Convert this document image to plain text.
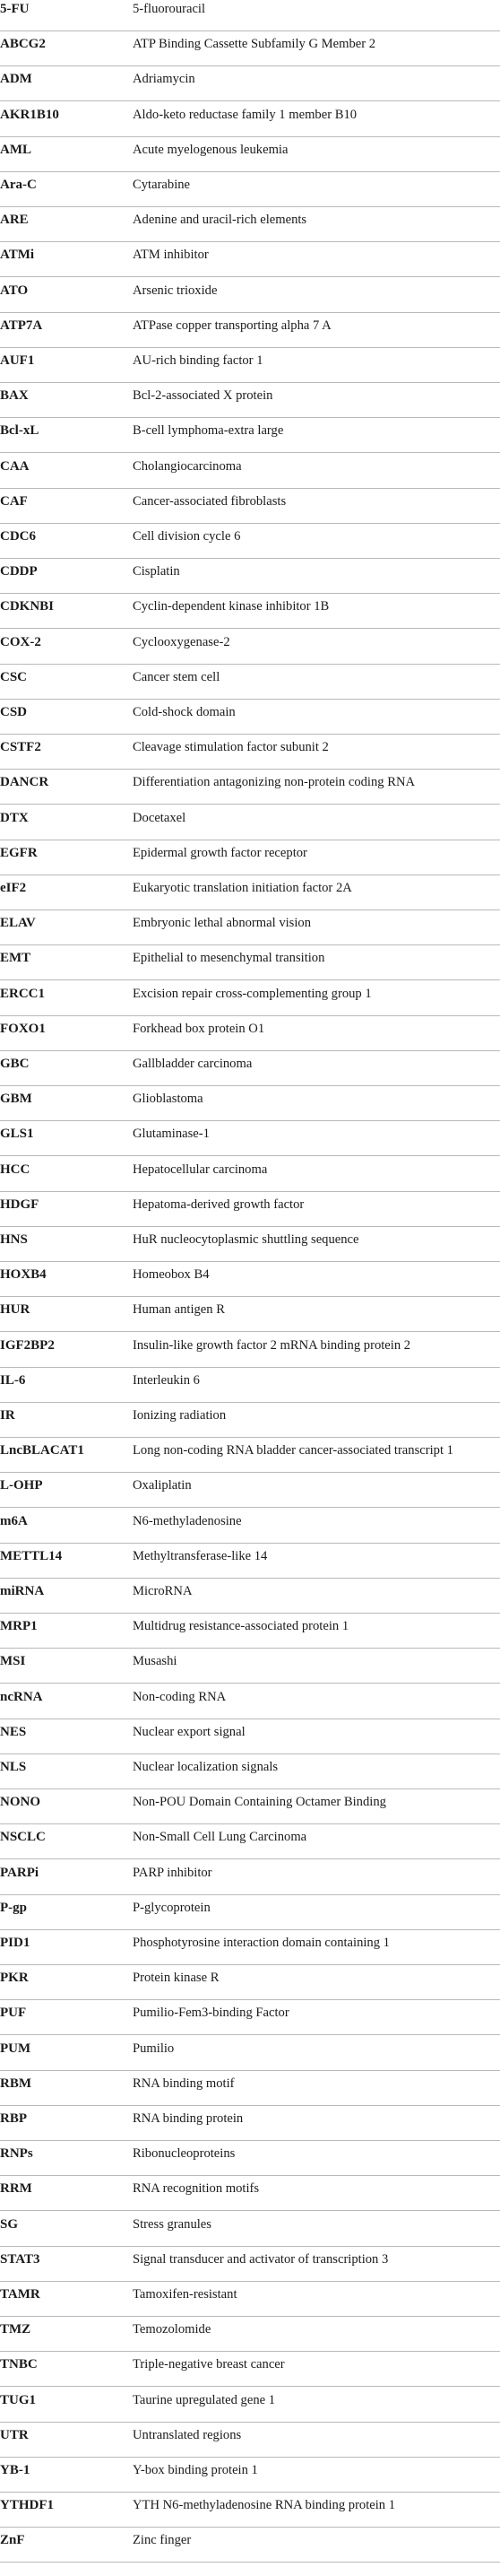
5-FU	5-fluorouracil
ABCG2	ATP Binding Cassette Subfamily G Member 2
ADM	Adriamycin
AKR1B10	Aldo-keto reductase family 1 member B10
AML	Acute myelogenous leukemia
Ara-C	Cytarabine
ARE	Adenine and uracil-rich elements
ATMi	ATM inhibitor
ATO	Arsenic trioxide
ATP7A	ATPase copper transporting alpha 7 A
AUF1	AU-rich binding factor 1
BAX	Bcl-2-associated X protein
Bcl-xL	B-cell lymphoma-extra large
CAA	Cholangiocarcinoma
CAF	Cancer-associated fibroblasts
CDC6	Cell division cycle 6
CDDP	Cisplatin
CDKNBI	Cyclin-dependent kinase inhibitor 1B
COX-2	Cyclooxygenase-2
CSC	Cancer stem cell
CSD	Cold-shock domain
CSTF2	Cleavage stimulation factor subunit 2
DANCR	Differentiation antagonizing non-protein coding RNA
DTX	Docetaxel
EGFR	Epidermal growth factor receptor
eIF2	Eukaryotic translation initiation factor 2A
ELAV	Embryonic lethal abnormal vision
EMT	Epithelial to mesenchymal transition
ERCC1	Excision repair cross-complementing group 1
FOXO1	Forkhead box protein O1
GBC	Gallbladder carcinoma
GBM	Glioblastoma
GLS1	Glutaminase-1
HCC	Hepatocellular carcinoma
HDGF	Hepatoma-derived growth factor
HNS	HuR nucleocytoplasmic shuttling sequence
HOXB4	Homeobox B4
HUR	Human antigen R
IGF2BP2	Insulin-like growth factor 2 mRNA binding protein 2
IL-6	Interleukin 6
IR	Ionizing radiation
LncBLACAT1	Long non-coding RNA bladder cancer-associated transcript 1
L-OHP	Oxaliplatin
m6A	N6-methyladenosine
METTL14	Methyltransferase-like 14
miRNA	MicroRNA
MRP1	Multidrug resistance-associated protein 1
MSI	Musashi
ncRNA	Non-coding RNA
NES	Nuclear export signal
NLS	Nuclear localization signals
NONO	Non-POU Domain Containing Octamer Binding
NSCLC	Non-Small Cell Lung Carcinoma
PARPi	PARP inhibitor
P-gp	P-glycoprotein
PID1	Phosphotyrosine interaction domain containing 1
PKR	Protein kinase R
PUF	Pumilio-Fem3-binding Factor
PUM	Pumilio
RBM	RNA binding motif
RBP	RNA binding protein
RNPs	Ribonucleoproteins
RRM	RNA recognition motifs
SG	Stress granules
STAT3	Signal transducer and activator of transcription 3
TAMR	Tamoxifen-resistant
TMZ	Temozolomide
TNBC	Triple-negative breast cancer
TUG1	Taurine upregulated gene 1
UTR	Untranslated regions
YB-1	Y-box binding protein 1
YTHDF1	YTH N6-methyladenosine RNA binding protein 1
ZnF	Zinc finger
